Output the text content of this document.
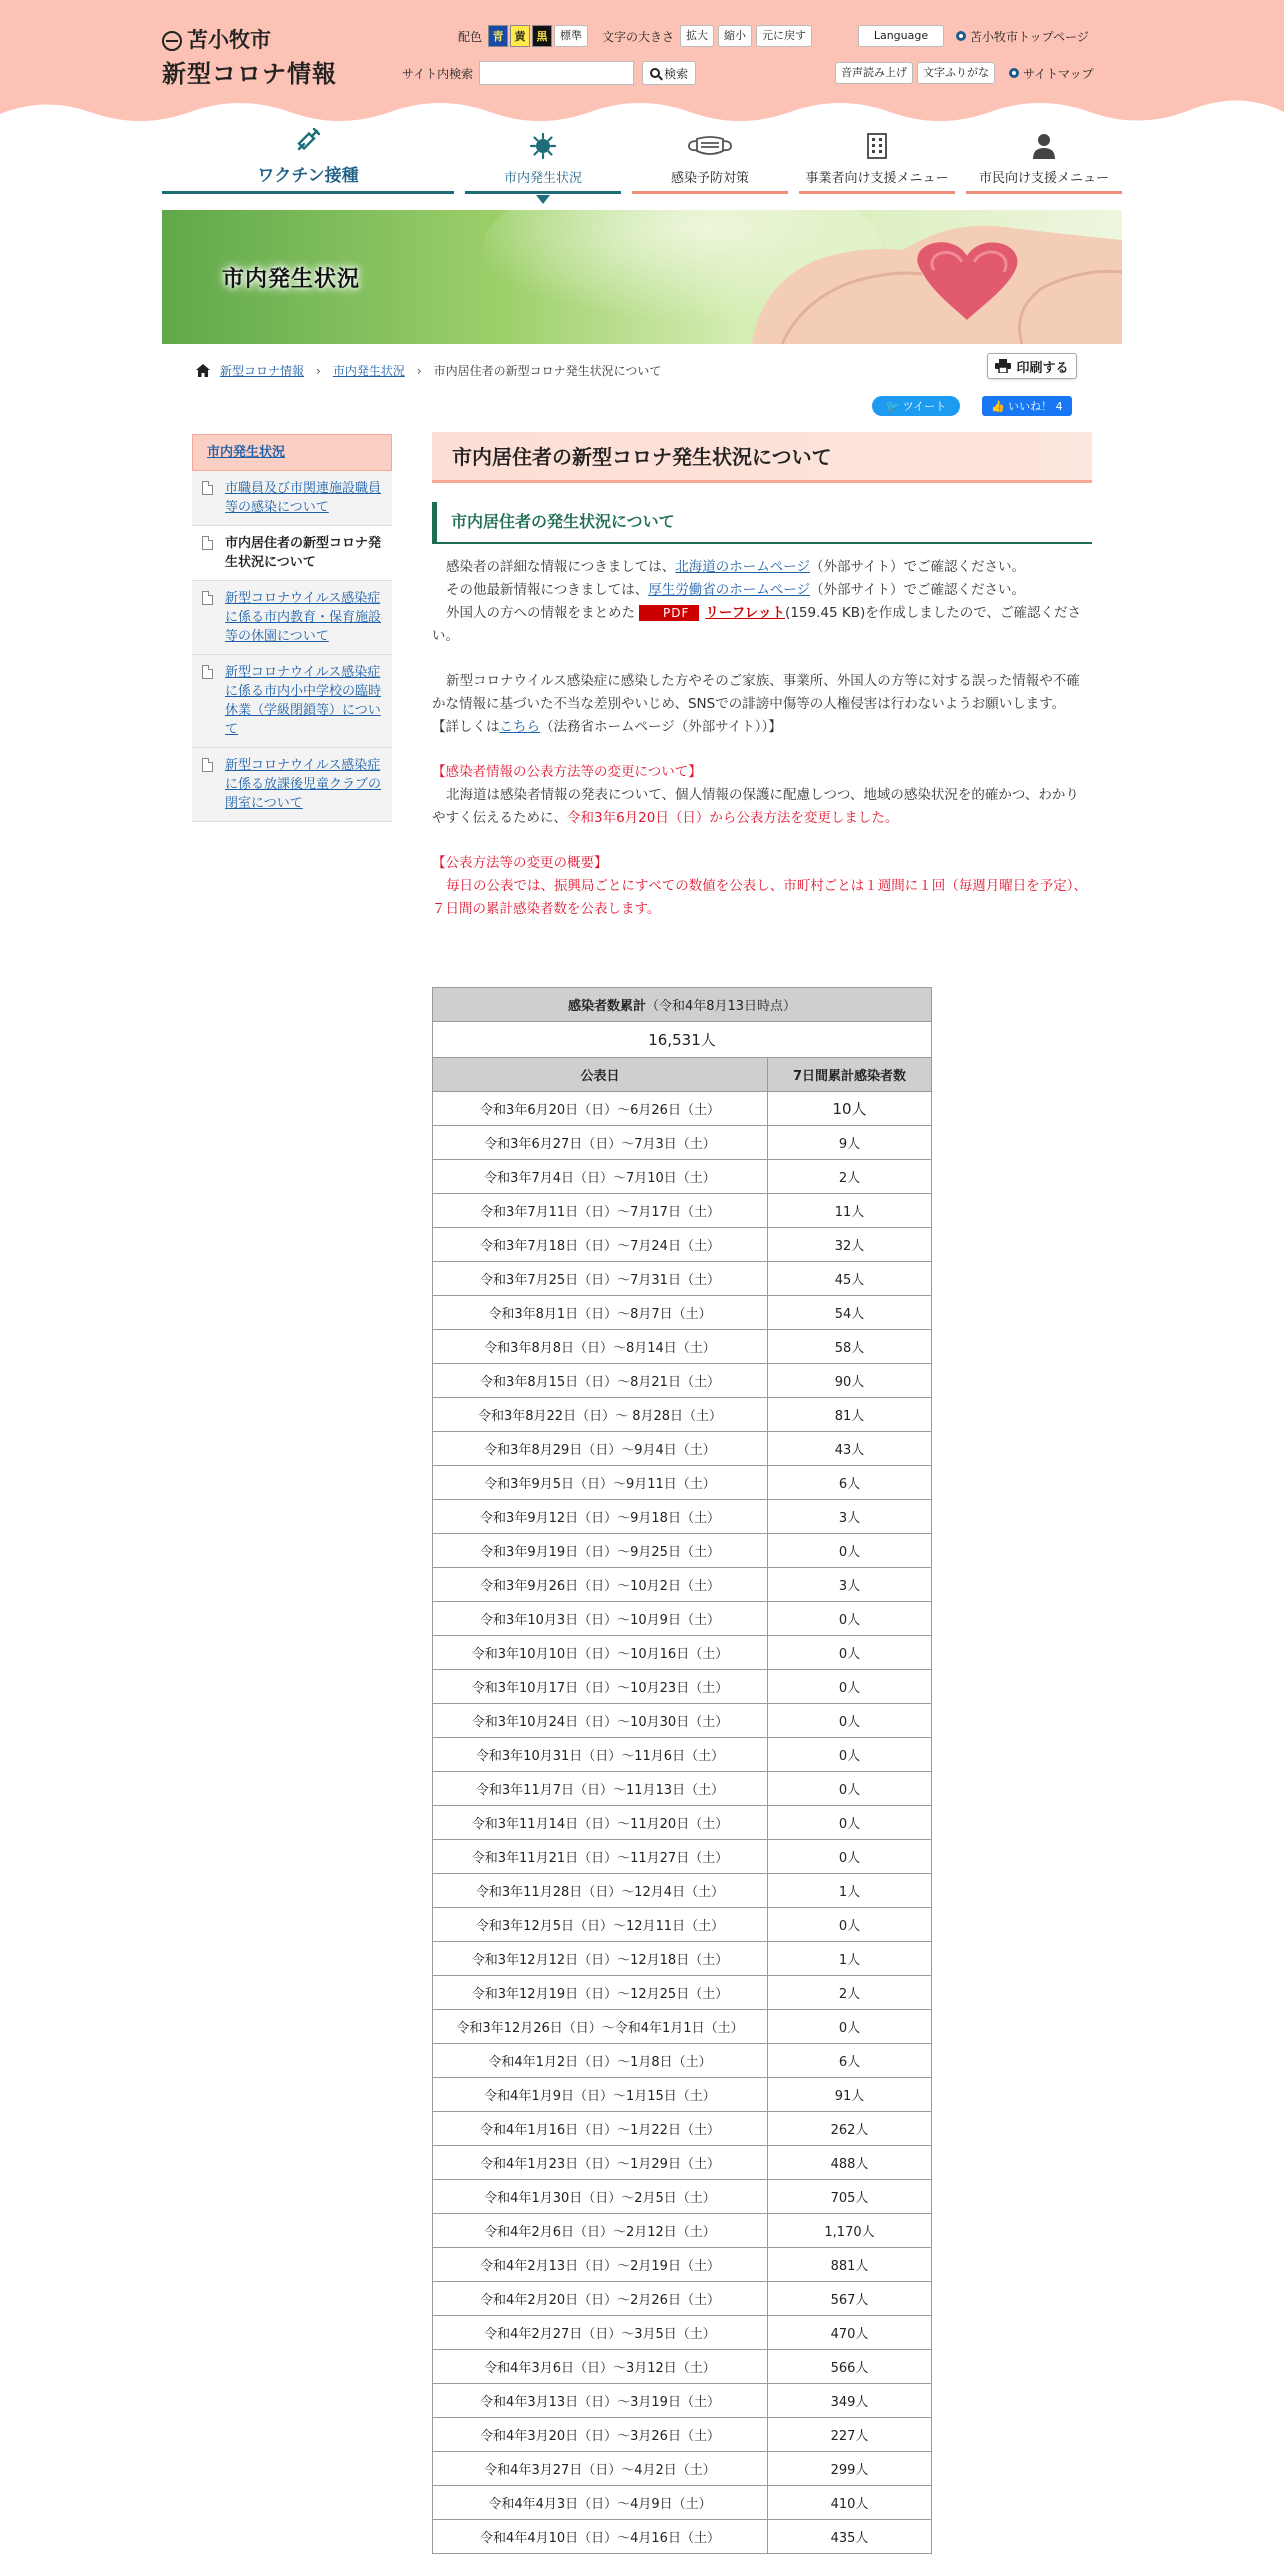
苫小牧市
新型コロナ情報
配色 青	黄	黒	標準	文字の大きさ	拡大	縮小	元に戻す	Language	苫小牧市トップページ
サイト内検索	検索	音声読み上げ	文字ふりがな	サイトマップ
ワクチン接種	市内発生状況	感染予防対策	事業者向け支援メニュー 市民向け支援メニュー
市内発生状況
新型コロナ情報 › 市内発生状況 › 市内居住者の新型コロナ発生状況について	印刷する
🐦 ツイート	👍 いいね！ 4
市内発生状況
市職員及び市関連施設職員等の感染について
市内居住者の新型コロナ発生状況について
新型コロナウイルス感染症に係る市内教育・保育施設等の休園について
新型コロナウイルス感染症に係る市内小中学校の臨時休業（学級閉鎖等）について
新型コロナウイルス感染症に係る放課後児童クラブの閉室について
市内居住者の新型コロナ発生状況について
市内居住者の発生状況について
感染者の詳細な情報につきましては、北海道のホームページ（外部サイト）でご確認ください。
その他最新情報につきましては、厚生労働省のホームページ（外部サイト）でご確認ください。
外国人の方への情報をまとめた PDF リーフレット(159.45 KB)を作成しましたので、ご確認ください。
新型コロナウイルス感染症に感染した方やそのご家族、事業所、外国人の方等に対する誤った情報や不確かな情報に基づいた不当な差別やいじめ、SNSでの誹謗中傷等の人権侵害は行わないようお願いします。
【詳しくはこちら（法務省ホームページ（外部サイト））】
【感染者情報の公表方法等の変更について】
北海道は感染者情報の発表について、個人情報の保護に配慮しつつ、地域の感染状況を的確かつ、わかりやすく伝えるために、令和3年6月20日（日）から公表方法を変更しました。
【公表方法等の変更の概要】
毎日の公表では、振興局ごとにすべての数値を公表し、市町村ごとは１週間に１回（毎週月曜日を予定）、７日間の累計感染者数を公表します。
感染者数累計（令和4年8月13日時点）	
16,531人	
公表日	7日間累計感染者数
令和3年6月20日（日）～6月26日（土）	10人
令和3年6月27日（日）～7月3日（土）	9人
令和3年7月4日（日）～7月10日（土）	2人
令和3年7月11日（日）～7月17日（土）	11人
令和3年7月18日（日）～7月24日（土）	32人
令和3年7月25日（日）～7月31日（土）	45人
令和3年8月1日（日）～8月7日（土）	54人
令和3年8月8日（日）～8月14日（土）	58人
令和3年8月15日（日）～8月21日（土）	90人
令和3年8月22日（日）～ 8月28日（土）	81人
令和3年8月29日（日）～9月4日（土）	43人
令和3年9月5日（日）～9月11日（土）	6人
令和3年9月12日（日）～9月18日（土）	3人
令和3年9月19日（日）～9月25日（土）	0人
令和3年9月26日（日）～10月2日（土）	3人
令和3年10月3日（日）～10月9日（土）	0人
令和3年10月10日（日）～10月16日（土）	0人
令和3年10月17日（日）～10月23日（土）	0人
令和3年10月24日（日）～10月30日（土）	0人
令和3年10月31日（日）～11月6日（土）	0人
令和3年11月7日（日）～11月13日（土）	0人
令和3年11月14日（日）～11月20日（土）	0人
令和3年11月21日（日）～11月27日（土）	0人
令和3年11月28日（日）～12月4日（土）	1人
令和3年12月5日（日）～12月11日（土）	0人
令和3年12月12日（日）～12月18日（土）	1人
令和3年12月19日（日）～12月25日（土）	2人
令和3年12月26日（日）～令和4年1月1日（土）	0人
令和4年1月2日（日）～1月8日（土）	6人
令和4年1月9日（日）～1月15日（土）	91人
令和4年1月16日（日）～1月22日（土）	262人
令和4年1月23日（日）～1月29日（土）	488人
令和4年1月30日（日）～2月5日（土）	705人
令和4年2月6日（日）～2月12日（土）	1,170人
令和4年2月13日（日）～2月19日（土）	881人
令和4年2月20日（日）～2月26日（土）	567人
令和4年2月27日（日）～3月5日（土）	470人
令和4年3月6日（日）～3月12日（土）	566人
令和4年3月13日（日）～3月19日（土）	349人
令和4年3月20日（日）～3月26日（土）	227人
令和4年3月27日（日）～4月2日（土）	299人
令和4年4月3日（日）～4月9日（土）	410人
令和4年4月10日（日）～4月16日（土）	435人
